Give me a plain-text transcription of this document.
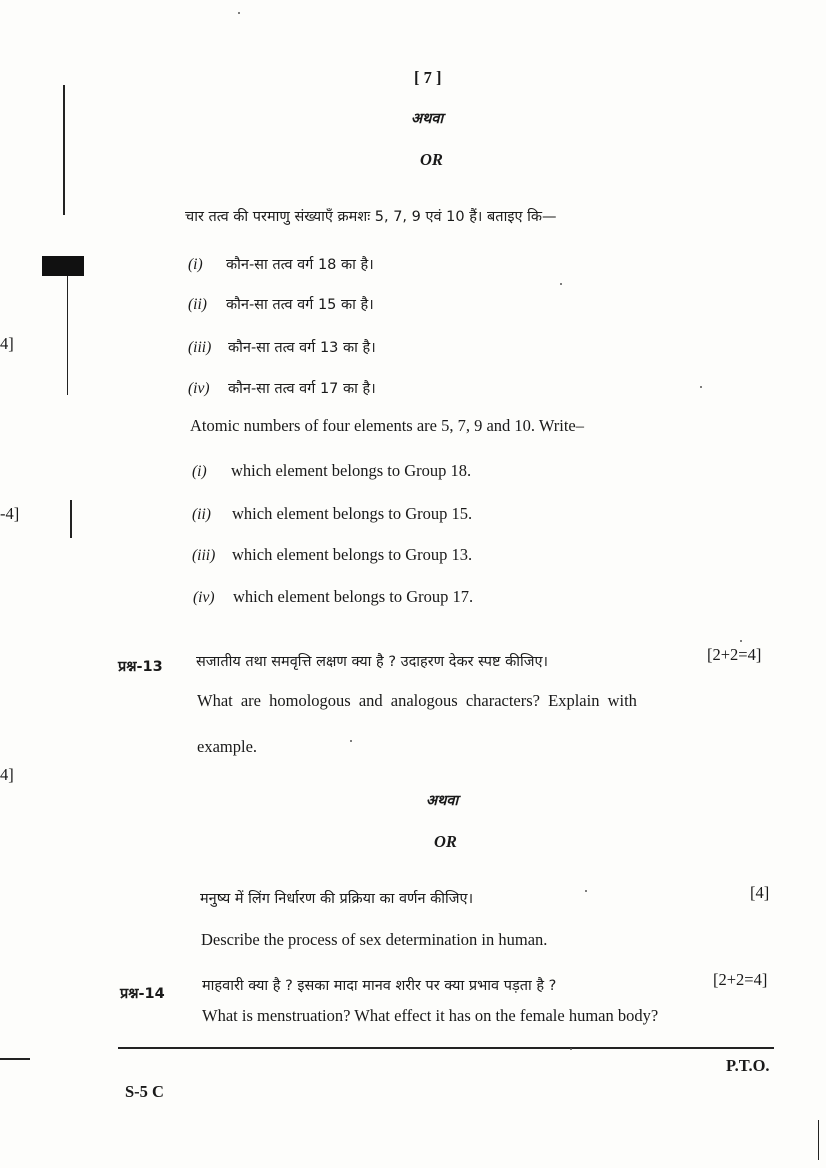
4]
-4]
4]
[ 7 ]
अथवा
OR
चार तत्व की परमाणु संख्याएँ क्रमशः 5, 7, 9 एवं 10 हैं। बताइए कि—
(i) कौन-सा तत्व वर्ग 18 का है।
(ii) कौन-सा तत्व वर्ग 15 का है।
(iii) कौन-सा तत्व वर्ग 13 का है।
(iv) कौन-सा तत्व वर्ग 17 का है।
Atomic numbers of four elements are 5, 7, 9 and 10. Write–
(i) which element belongs to Group 18.
(ii) which element belongs to Group 15.
(iii) which element belongs to Group 13.
(iv) which element belongs to Group 17.
प्रश्न-13 सजातीय तथा समवृत्ति लक्षण क्या है ? उदाहरण देकर स्पष्ट कीजिए।	[2+2=4]
What are homologous and analogous characters? Explain with
example.
अथवा
OR
मनुष्य में लिंग निर्धारण की प्रक्रिया का वर्णन कीजिए।	[4]
Describe the process of sex determination in human.
प्रश्न-14	माहवारी क्या है ? इसका मादा मानव शरीर पर क्या प्रभाव पड़ता है ?	[2+2=4]
What is menstruation? What effect it has on the female human body?
S-5 C
P.T.O.
